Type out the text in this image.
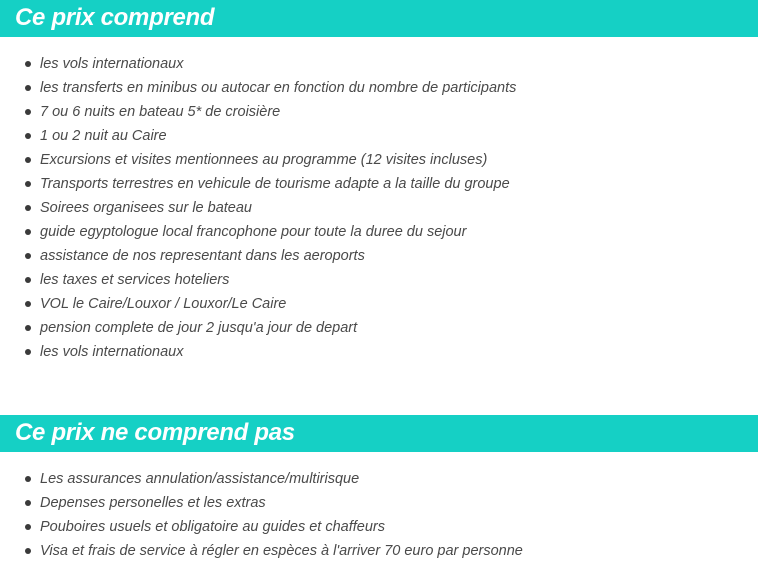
Ce prix comprend
les vols internationaux
les transferts en minibus ou autocar en fonction du nombre de participants
7 ou 6 nuits en bateau 5* de croisière
1 ou 2 nuit au Caire
Excursions et visites mentionnees au programme (12 visites incluses)
Transports terrestres en vehicule de tourisme adapte a la taille du groupe
Soirees organisees sur le bateau
guide egyptologue local francophone pour toute la duree du sejour
assistance de nos representant dans les aeroports
les taxes et services hoteliers
VOL le Caire/Louxor / Louxor/Le Caire
pension complete de jour 2 jusqu'a jour de depart
les vols internationaux
Ce prix ne comprend pas
Les assurances annulation/assistance/multirisque
Depenses personelles et les extras
Pouboires usuels et obligatoire au guides et chaffeurs
Visa et frais de service à régler en espèces à l'arriver 70 euro par personne
